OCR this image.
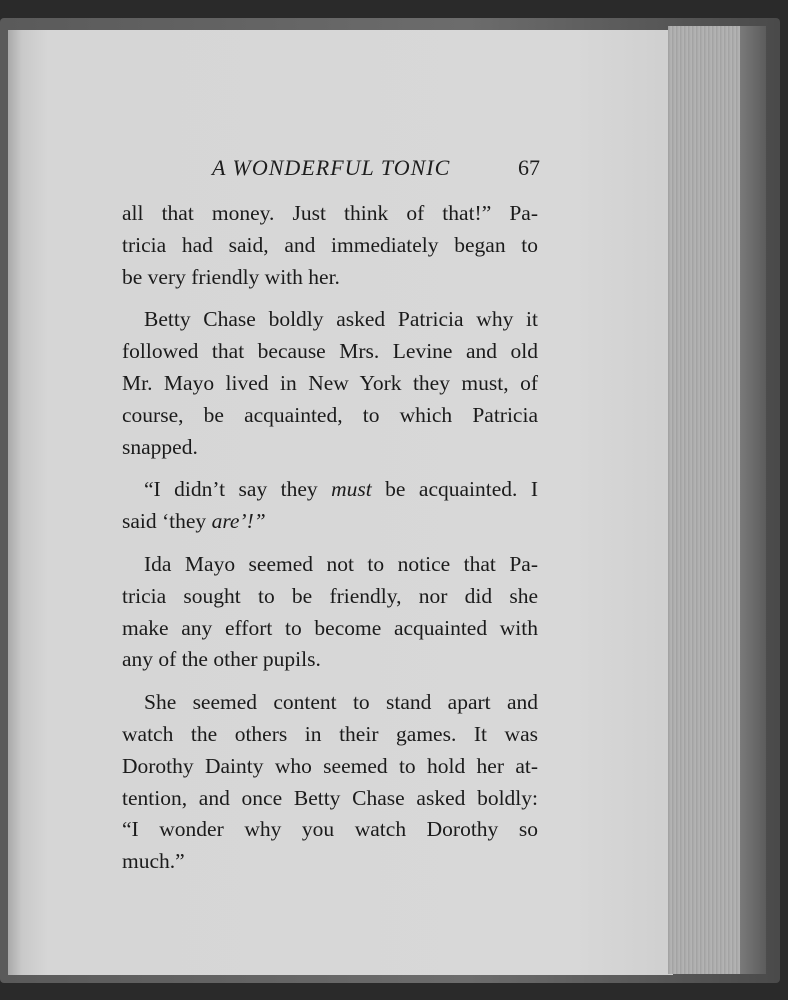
A WONDERFUL TONIC	67
all that money. Just think of that!” Pa-
tricia had said, and immediately began to
be very friendly with her.
Betty Chase boldly asked Patricia why it
followed that because Mrs. Levine and old
Mr. Mayo lived in New York they must, of
course, be acquainted, to which Patricia
snapped.
“I didn’t say they must be acquainted. I
said ‘they are’!”
Ida Mayo seemed not to notice that Pa-
tricia sought to be friendly, nor did she
make any effort to become acquainted with
any of the other pupils.
She seemed content to stand apart and
watch the others in their games. It was
Dorothy Dainty who seemed to hold her at-
tention, and once Betty Chase asked boldly:
“I wonder why you watch Dorothy so
much.”
